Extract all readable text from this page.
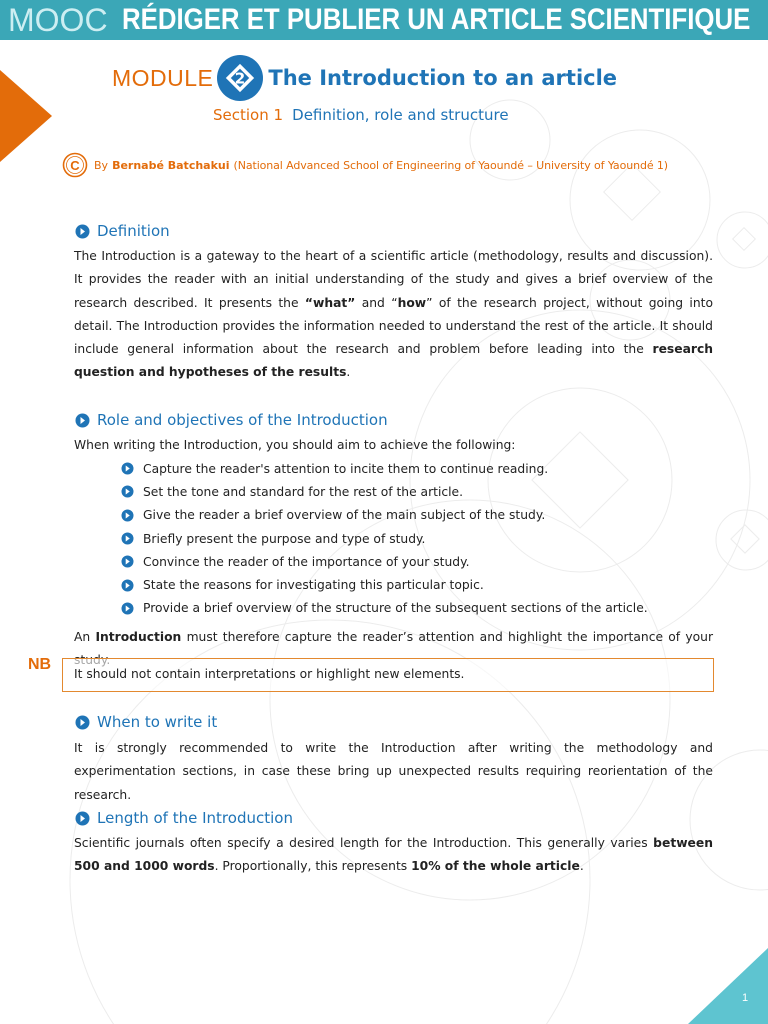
MOOC RÉDIGER ET PUBLIER UN ARTICLE SCIENTIFIQUE
MODULE 2 The Introduction to an article
Section 1 Definition, role and structure
C By Bernabé Batchakui (National Advanced School of Engineering of Yaoundé – University of Yaoundé 1)
Definition
The Introduction is a gateway to the heart of a scientific article (methodology, results and discussion). It provides the reader with an initial understanding of the study and gives a brief overview of the research described. It presents the “what” and “how” of the research project, without going into detail. The Introduction provides the information needed to understand the rest of the article. It should include general information about the research and problem before leading into the research question and hypotheses of the results.
Role and objectives of the Introduction
When writing the Introduction, you should aim to achieve the following:
Capture the reader's attention to incite them to continue reading.
Set the tone and standard for the rest of the article.
Give the reader a brief overview of the main subject of the study.
Briefly present the purpose and type of study.
Convince the reader of the importance of your study.
State the reasons for investigating this particular topic.
Provide a brief overview of the structure of the subsequent sections of the article.
An Introduction must therefore capture the reader’s attention and highlight the importance of your
NB
It should not contain interpretations or highlight new elements.
When to write it
It is strongly recommended to write the Introduction after writing the methodology and experimentation sections, in case these bring up unexpected results requiring reorientation of the research.
Length of the Introduction
Scientific journals often specify a desired length for the Introduction. This generally varies between 500 and 1000 words. Proportionally, this represents 10% of the whole article.
1
